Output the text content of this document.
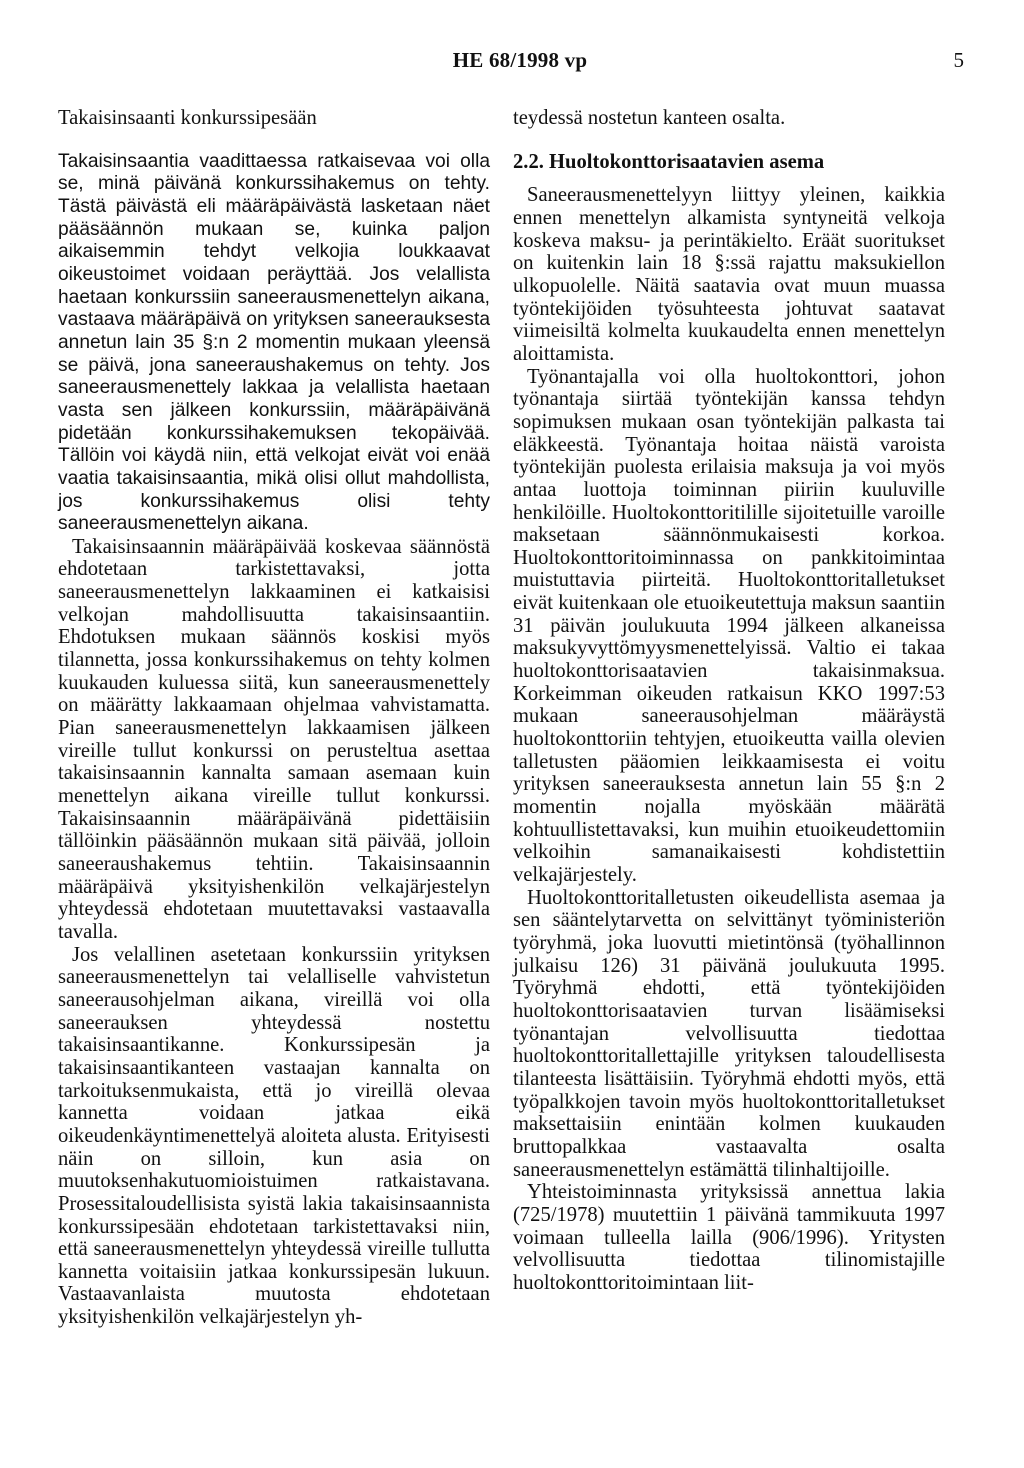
HE 68/1998 vp	5
Takaisinsaanti konkurssipesään

Takaisinsaantia vaadittaessa ratkaisevaa voi olla se, minä päivänä konkurssihakemus on tehty. Tästä päivästä eli määräpäivästä lasketaan näet pääsäännön mukaan se, kuinka paljon aikaisemmin tehdyt velkojia loukkaavat oikeustoimet voidaan peräyttää. Jos velallista haetaan konkurssiin saneerausmenettelyn aikana, vastaava määräpäivä on yrityksen saneerauksesta annetun lain 35 §:n 2 momentin mukaan yleensä se päivä, jona saneeraushakemus on tehty. Jos saneerausmenettely lakkaa ja velallista haetaan vasta sen jälkeen konkurssiin, määräpäivänä pidetään konkurssihakemuksen tekopäivää. Tällöin voi käydä niin, että velkojat eivät voi enää vaatia takaisinsaantia, mikä olisi ollut mahdollista, jos konkurssihakemus olisi tehty saneerausmenettelyn aikana.

Takaisinsaannin määräpäivää koskevaa säännöstä ehdotetaan tarkistettavaksi, jotta saneerausmenettelyn lakkaaminen ei katkaisisi velkojan mahdollisuutta takaisinsaantiin. Ehdotuksen mukaan säännös koskisi myös tilannetta, jossa konkurssihakemus on tehty kolmen kuukauden kuluessa siitä, kun saneerausmenettely on määrätty lakkaamaan ohjelmaa vahvistamatta. Pian saneerausmenettelyn lakkaamisen jälkeen vireille tullut konkurssi on perusteltua asettaa takaisinsaannin kannalta samaan asemaan kuin menettelyn aikana vireille tullut konkurssi. Takaisinsaannin määräpäivänä pidettäisiin tällöinkin pääsäännön mukaan sitä päivää, jolloin saneeraushakemus tehtiin. Takaisinsaannin määräpäivä yksityishenkilön velkajärjestelyn yhteydessä ehdotetaan muutettavaksi vastaavalla tavalla.

Jos velallinen asetetaan konkurssiin yrityksen saneerausmenettelyn tai velalliselle vahvistetun saneerausohjelman aikana, vireillä voi olla saneerauksen yhteydessä nostettu takaisinsaantikanne. Konkurssipesän ja takaisinsaantikanteen vastaajan kannalta on tarkoituksenmukaista, että jo vireillä olevaa kannetta voidaan jatkaa eikä oikeudenkäyntimenettelyä aloiteta alusta. Erityisesti näin on silloin, kun asia on muutoksenhakutuomioistuimen ratkaistavana. Prosessitaloudellisista syistä lakia takaisinsaannista konkurssipesään ehdotetaan tarkistettavaksi niin, että saneerausmenettelyn yhteydessä vireille tullutta kannetta voitaisiin jatkaa konkurssipesän lukuun. Vastaavanlaista muutosta ehdotetaan yksityishenkilön velkajärjestelyn yh-

teydessä nostetun kanteen osalta.

2.2. Huoltokonttorisaatavien asema

Saneerausmenettelyyn liittyy yleinen, kaikkia ennen menettelyn alkamista syntyneitä velkoja koskeva maksu- ja perintäkielto. Eräät suoritukset on kuitenkin lain 18 §:ssä rajattu maksukiellon ulkopuolelle. Näitä saatavia ovat muun muassa työntekijöiden työsuhteesta johtuvat saatavat viimeisiltä kolmelta kuukaudelta ennen menettelyn aloittamista.

Työnantajalla voi olla huoltokonttori, johon työnantaja siirtää työntekijän kanssa tehdyn sopimuksen mukaan osan työntekijän palkasta tai eläkkeestä. Työnantaja hoitaa näistä varoista työntekijän puolesta erilaisia maksuja ja voi myös antaa luottoja toiminnan piiriin kuuluville henkilöille. Huoltokonttoritilille sijoitetuille varoille maksetaan säännönmukaisesti korkoa. Huoltokonttoritoiminnassa on pankkitoimintaa muistuttavia piirteitä. Huoltokonttoritalletukset eivät kuitenkaan ole etuoikeutettuja maksun saantiin 31 päivän joulukuuta 1994 jälkeen alkaneissa maksukyvyttömyysmenettelyissä. Valtio ei takaa huoltokonttorisaatavien takaisinmaksua. Korkeimman oikeuden ratkaisun KKO 1997:53 mukaan saneerausohjelman määräystä huoltokonttoriin tehtyjen, etuoikeutta vailla olevien talletusten pääomien leikkaamisesta ei voitu yrityksen saneerauksesta annetun lain 55 §:n 2 momentin nojalla myöskään määrätä kohtuullistettavaksi, kun muihin etuoikeudettomiin velkoihin samanaikaisesti kohdistettiin velkajärjestely.

Huoltokonttoritalletusten oikeudellista asemaa ja sen sääntelytarvetta on selvittänyt työministeriön työryhmä, joka luovutti mietintönsä (työhallinnon julkaisu 126) 31 päivänä joulukuuta 1995. Työryhmä ehdotti, että työntekijöiden huoltokonttorisaatavien turvan lisäämiseksi työnantajan velvollisuutta tiedottaa huoltokonttoritallettajille yrityksen taloudellisesta tilanteesta lisättäisiin. Työryhmä ehdotti myös, että työpalkkojen tavoin myös huoltokonttoritalletukset maksettaisiin enintään kolmen kuukauden bruttopalkkaa vastaavalta osalta saneerausmenettelyn estämättä tilinhaltijoille.

Yhteistoiminnasta yrityksissä annettua lakia (725/1978) muutettiin 1 päivänä tammikuuta 1997 voimaan tulleella lailla (906/1996). Yritysten velvollisuutta tiedottaa tilinomistajille huoltokonttoritoimintaan liit-
